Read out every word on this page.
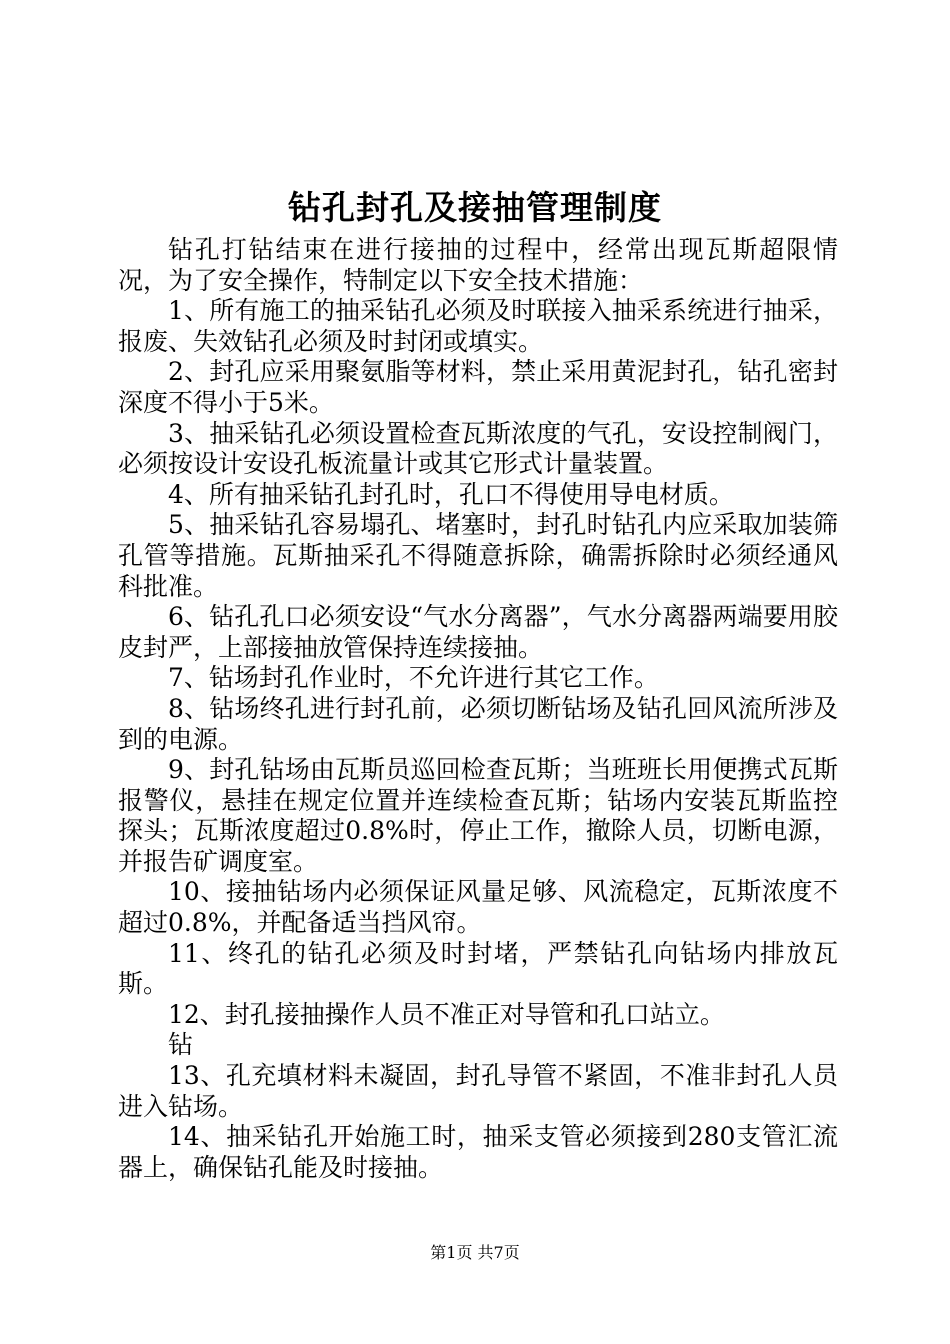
钻孔封孔及接抽管理制度

钻孔打钻结束在进行接抽的过程中，经常出现瓦斯超限情况，为了安全操作，特制定以下安全技术措施：

1、所有施工的抽采钻孔必须及时联接入抽采系统进行抽采，报废、失效钻孔必须及时封闭或填实。

2、封孔应采用聚氨脂等材料，禁止采用黄泥封孔，钻孔密封深度不得小于5米。

3、抽采钻孔必须设置检查瓦斯浓度的气孔，安设控制阀门，必须按设计安设孔板流量计或其它形式计量装置。

4、所有抽采钻孔封孔时，孔口不得使用导电材质。

5、抽采钻孔容易塌孔、堵塞时，封孔时钻孔内应采取加装筛孔管等措施。瓦斯抽采孔不得随意拆除，确需拆除时必须经通风科批准。

6、钻孔孔口必须安设“气水分离器”，气水分离器两端要用胶皮封严，上部接抽放管保持连续接抽。

7、钻场封孔作业时，不允许进行其它工作。

8、钻场终孔进行封孔前，必须切断钻场及钻孔回风流所涉及到的电源。

9、封孔钻场由瓦斯员巡回检查瓦斯；当班班长用便携式瓦斯报警仪，悬挂在规定位置并连续检查瓦斯；钻场内安装瓦斯监控探头；瓦斯浓度超过0.8%时，停止工作，撤除人员，切断电源，并报告矿调度室。

10、接抽钻场内必须保证风量足够、风流稳定，瓦斯浓度不超过0.8%，并配备适当挡风帘。

11、终孔的钻孔必须及时封堵，严禁钻孔向钻场内排放瓦斯。

12、封孔接抽操作人员不准正对导管和孔口站立。

钻

13、孔充填材料未凝固，封孔导管不紧固，不准非封孔人员进入钻场。

14、抽采钻孔开始施工时，抽采支管必须接到280支管汇流器上，确保钻孔能及时接抽。

第1页 共7页
